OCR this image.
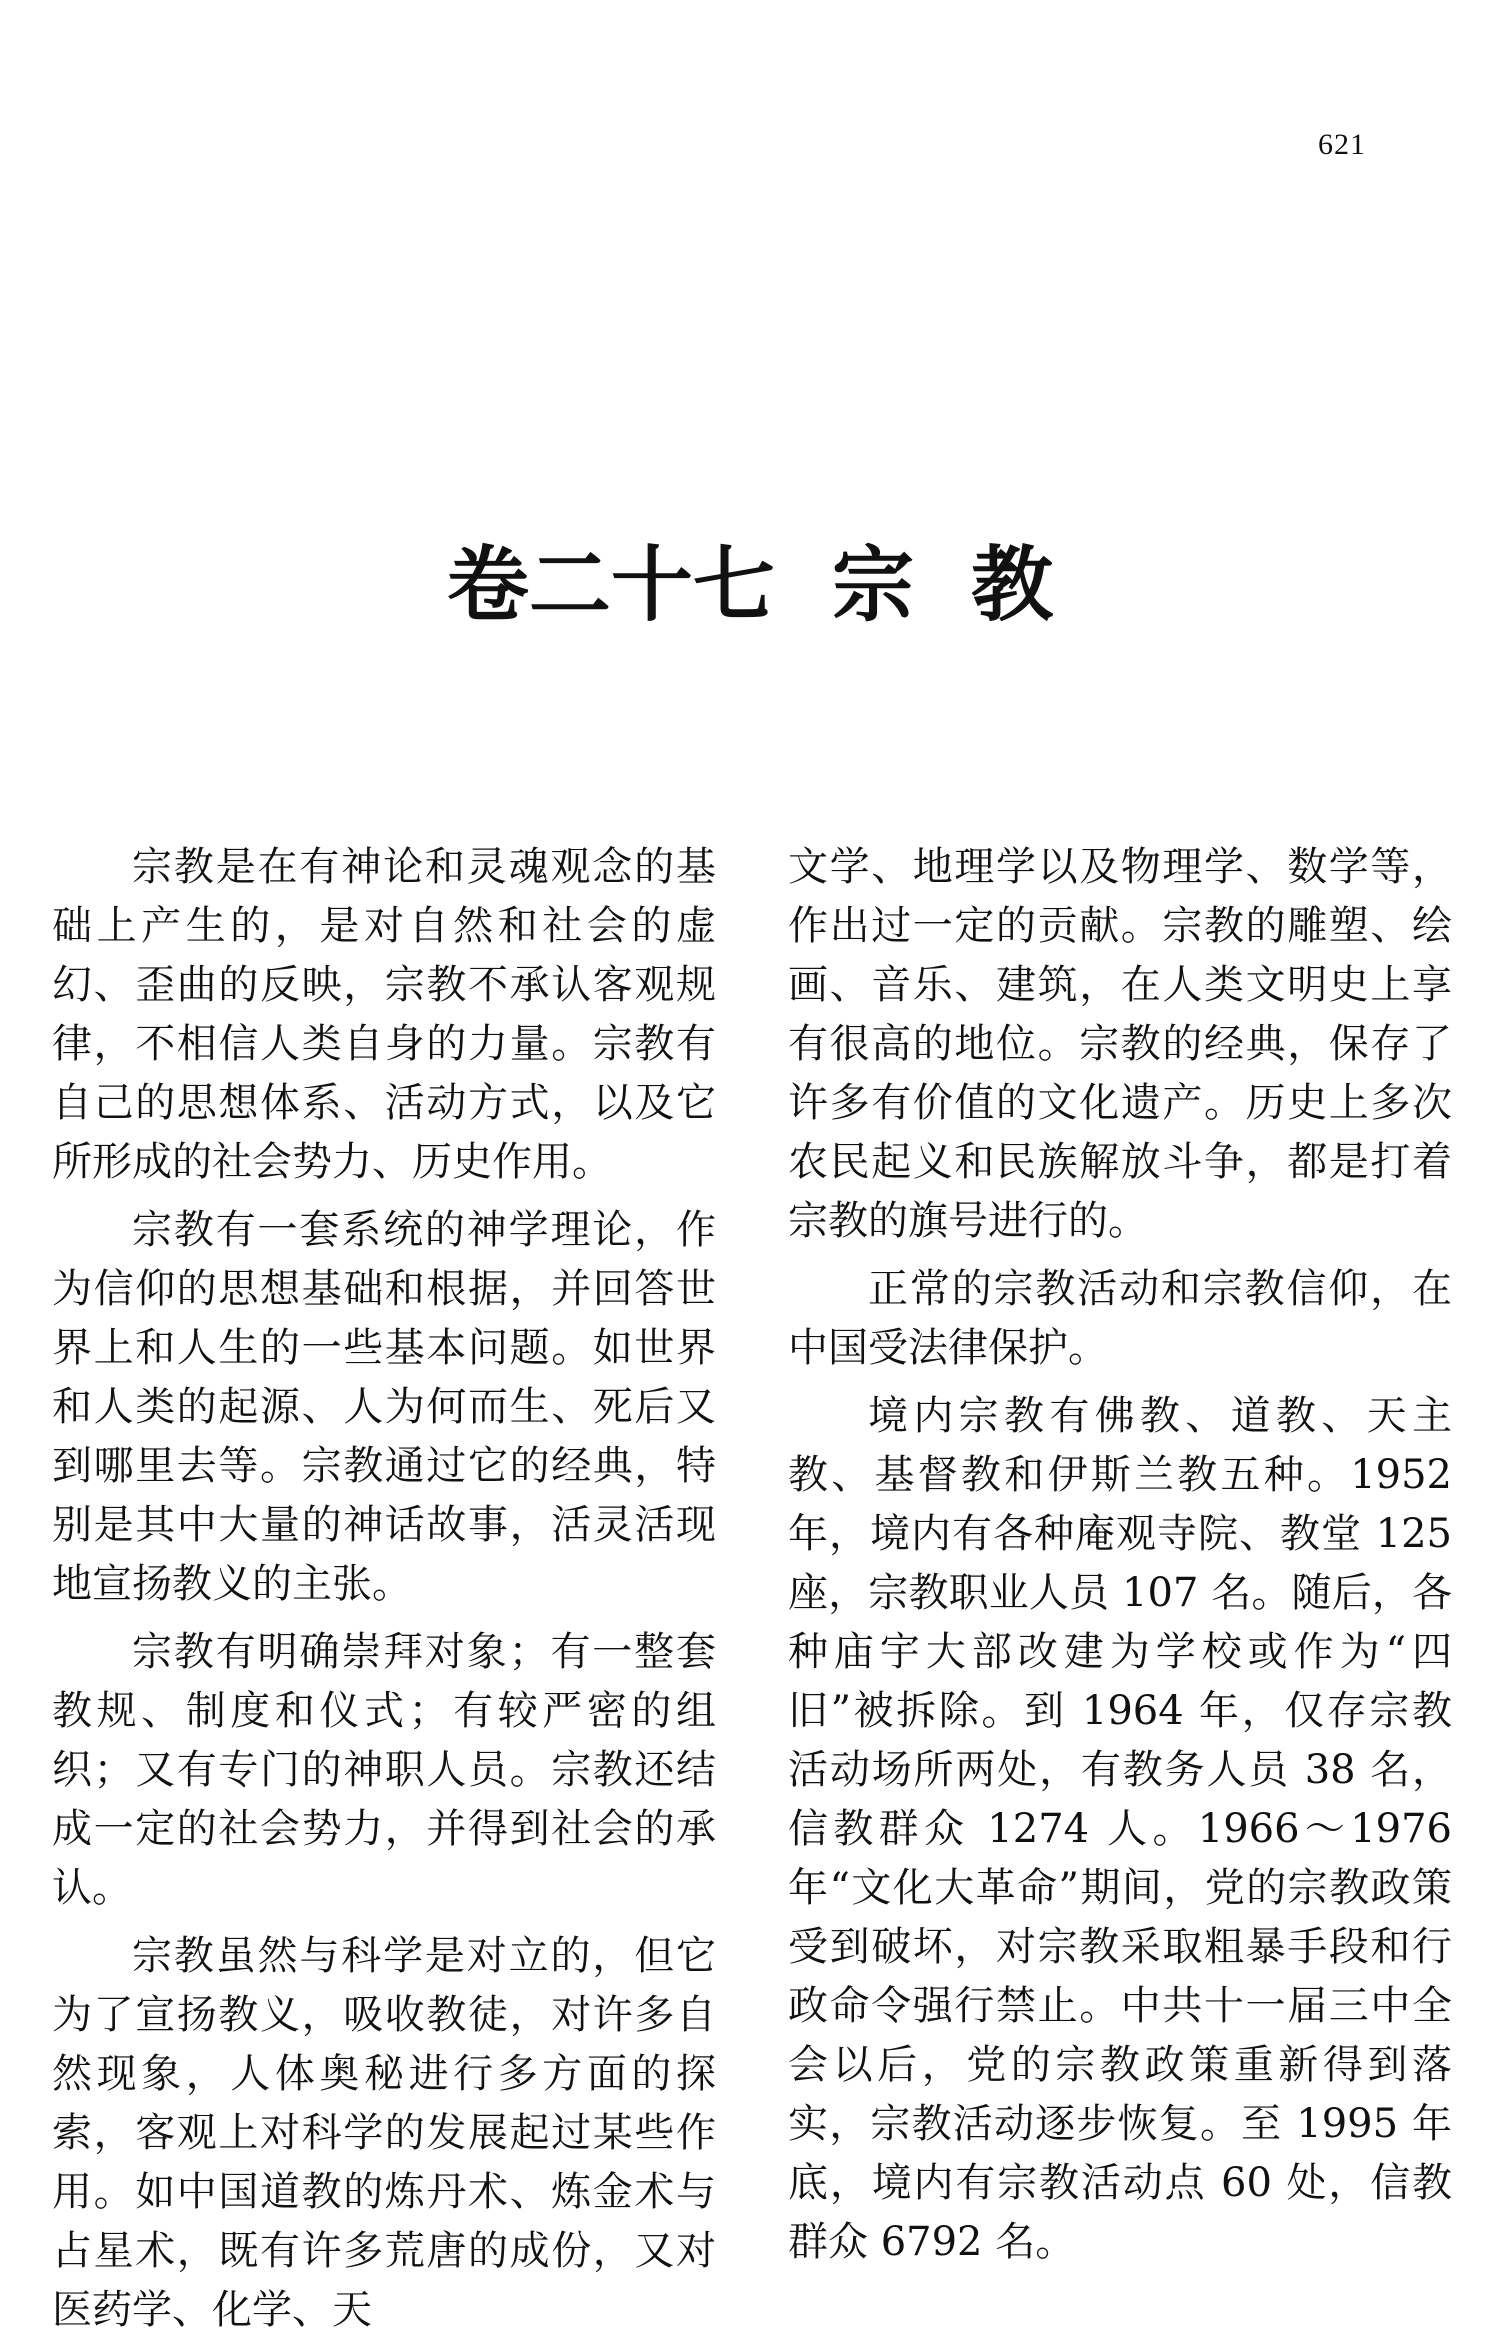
621
卷二十七  宗  教

宗教是在有神论和灵魂观念的基础上产生的，是对自然和社会的虚幻、歪曲的反映，宗教不承认客观规律，不相信人类自身的力量。宗教有自己的思想体系、活动方式，以及它所形成的社会势力、历史作用。

宗教有一套系统的神学理论，作为信仰的思想基础和根据，并回答世界上和人生的一些基本问题。如世界和人类的起源、人为何而生、死后又到哪里去等。宗教通过它的经典，特别是其中大量的神话故事，活灵活现地宣扬教义的主张。

宗教有明确崇拜对象；有一整套教规、制度和仪式；有较严密的组织；又有专门的神职人员。宗教还结成一定的社会势力，并得到社会的承认。

宗教虽然与科学是对立的，但它为了宣扬教义，吸收教徒，对许多自然现象，人体奥秘进行多方面的探索，客观上对科学的发展起过某些作用。如中国道教的炼丹术、炼金术与占星术，既有许多荒唐的成份，又对医药学、化学、天

文学、地理学以及物理学、数学等，作出过一定的贡献。宗教的雕塑、绘画、音乐、建筑，在人类文明史上享有很高的地位。宗教的经典，保存了许多有价值的文化遗产。历史上多次农民起义和民族解放斗争，都是打着宗教的旗号进行的。

正常的宗教活动和宗教信仰，在中国受法律保护。

境内宗教有佛教、道教、天主教、基督教和伊斯兰教五种。1952 年，境内有各种庵观寺院、教堂 125 座，宗教职业人员 107 名。随后，各种庙宇大部改建为学校或作为“四旧”被拆除。到 1964 年，仅存宗教活动场所两处，有教务人员 38 名，信教群众 1274 人。1966～1976 年“文化大革命”期间，党的宗教政策受到破坏，对宗教采取粗暴手段和行政命令强行禁止。中共十一届三中全会以后，党的宗教政策重新得到落实，宗教活动逐步恢复。至 1995 年底，境内有宗教活动点 60 处，信教群众 6792 名。
